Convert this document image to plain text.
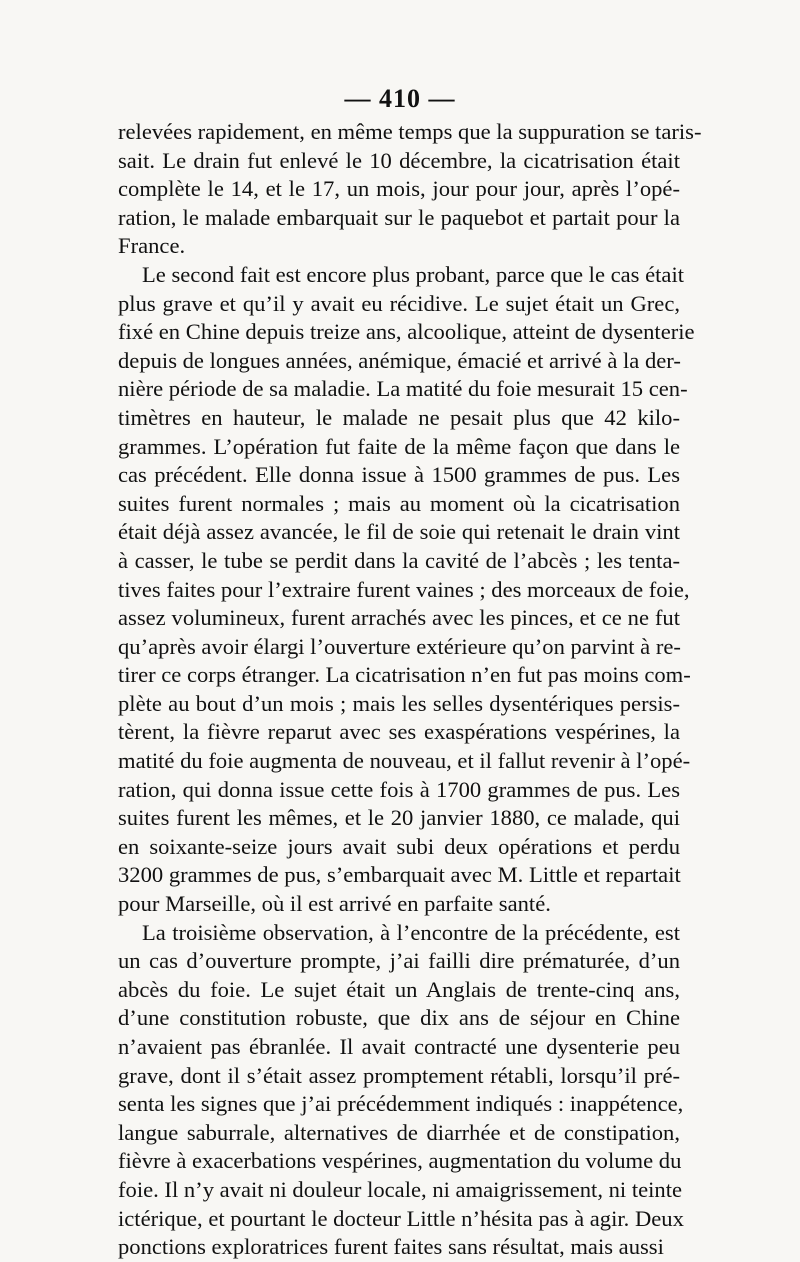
— 410 —
relevées rapidement, en même temps que la suppuration se taris-
sait. Le drain fut enlevé le 10 décembre, la cicatrisation était
complète le 14, et le 17, un mois, jour pour jour, après l’opé-
ration, le malade embarquait sur le paquebot et partait pour la
France.
Le second fait est encore plus probant, parce que le cas était
plus grave et qu’il y avait eu récidive. Le sujet était un Grec,
fixé en Chine depuis treize ans, alcoolique, atteint de dysenterie
depuis de longues années, anémique, émacié et arrivé à la der-
nière période de sa maladie. La matité du foie mesurait 15 cen-
timètres en hauteur, le malade ne pesait plus que 42 kilo-
grammes. L’opération fut faite de la même façon que dans le
cas précédent. Elle donna issue à 1500 grammes de pus. Les
suites furent normales ; mais au moment où la cicatrisation
était déjà assez avancée, le fil de soie qui retenait le drain vint
à casser, le tube se perdit dans la cavité de l’abcès ; les tenta-
tives faites pour l’extraire furent vaines ; des morceaux de foie,
assez volumineux, furent arrachés avec les pinces, et ce ne fut
qu’après avoir élargi l’ouverture extérieure qu’on parvint à re-
tirer ce corps étranger. La cicatrisation n’en fut pas moins com-
plète au bout d’un mois ; mais les selles dysentériques persis-
tèrent, la fièvre reparut avec ses exaspérations vespérines, la
matité du foie augmenta de nouveau, et il fallut revenir à l’opé-
ration, qui donna issue cette fois à 1700 grammes de pus. Les
suites furent les mêmes, et le 20 janvier 1880, ce malade, qui
en soixante-seize jours avait subi deux opérations et perdu
3200 grammes de pus, s’embarquait avec M. Little et repartait
pour Marseille, où il est arrivé en parfaite santé.
La troisième observation, à l’encontre de la précédente, est
un cas d’ouverture prompte, j’ai failli dire prématurée, d’un
abcès du foie. Le sujet était un Anglais de trente-cinq ans,
d’une constitution robuste, que dix ans de séjour en Chine
n’avaient pas ébranlée. Il avait contracté une dysenterie peu
grave, dont il s’était assez promptement rétabli, lorsqu’il pré-
senta les signes que j’ai précédemment indiqués : inappétence,
langue saburrale, alternatives de diarrhée et de constipation,
fièvre à exacerbations vespérines, augmentation du volume du
foie. Il n’y avait ni douleur locale, ni amaigrissement, ni teinte
ictérique, et pourtant le docteur Little n’hésita pas à agir. Deux
ponctions exploratrices furent faites sans résultat, mais aussi
